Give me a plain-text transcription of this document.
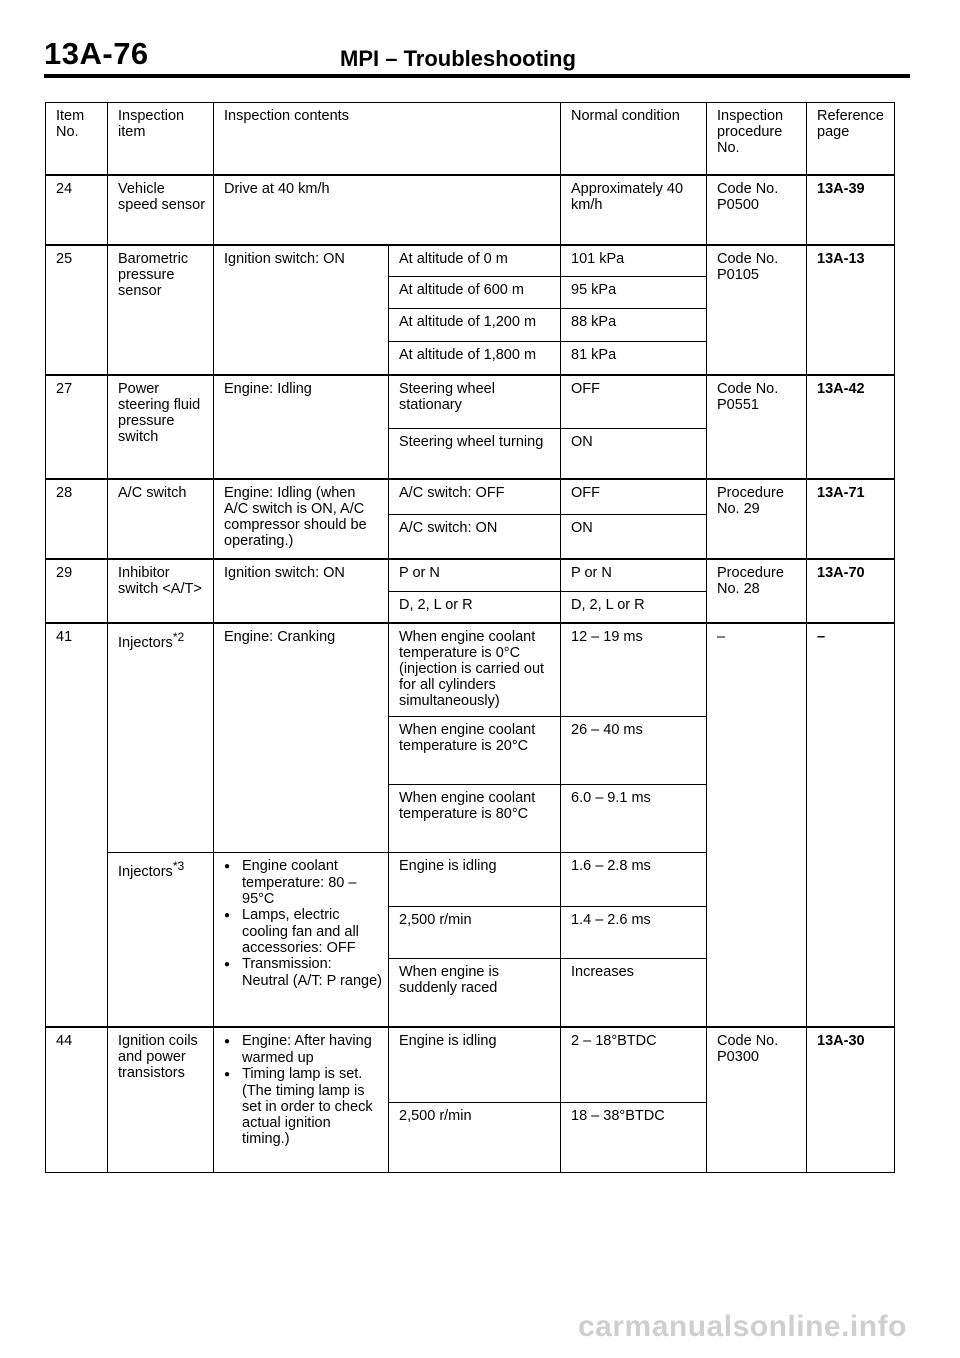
13A-76	MPI – Troubleshooting
Item No.	Inspection item	Inspection contents		Normal condition	Inspection procedure No.	Reference page
24	Vehicle speed sensor	Drive at 40 km/h		Approximately 40 km/h	Code No. P0500	13A-39
25	Barometric pressure sensor	Ignition switch: ON	At altitude of 0 m	101 kPa	Code No. P0105	13A-13
			At altitude of 600 m	95 kPa		
			At altitude of 1,200 m	88 kPa		
			At altitude of 1,800 m	81 kPa		
27	Power steering fluid pressure switch	Engine: Idling	Steering wheel stationary	OFF	Code No. P0551	13A-42
			Steering wheel turning	ON		
28	A/C switch	Engine: Idling (when A/C switch is ON, A/C compressor should be operating.)	A/C switch: OFF	OFF	Procedure No. 29	13A-71
			A/C switch: ON	ON		
29	Inhibitor switch <A/T>	Ignition switch: ON	P or N	P or N	Procedure No. 28	13A-70
			D, 2, L or R	D, 2, L or R		
41	Injectors$^{*2}$	Engine: Cranking	When engine coolant temperature is 0°C (injection is carried out for all cylinders simultaneously)	12 – 19 ms	–	–
			When engine coolant temperature is 20°C	26 – 40 ms		
			When engine coolant temperature is 80°C	6.0 – 9.1 ms		
	Injectors$^{*3}$	● Engine coolant temperature: 80 – 95°C
● Lamps, electric cooling fan and all accessories: OFF
● Transmission: Neutral (A/T: P range)	Engine is idling	1.6 – 2.8 ms		
			2,500 r/min	1.4 – 2.6 ms		
			When engine is suddenly raced	Increases		
44	Ignition coils and power transistors	● Engine: After having warmed up
● Timing lamp is set. (The timing lamp is set in order to check actual ignition timing.)	Engine is idling	2 – 18°BTDC	Code No. P0300	13A-30
			2,500 r/min	18 – 38°BTDC		
carmanualsonline.info
